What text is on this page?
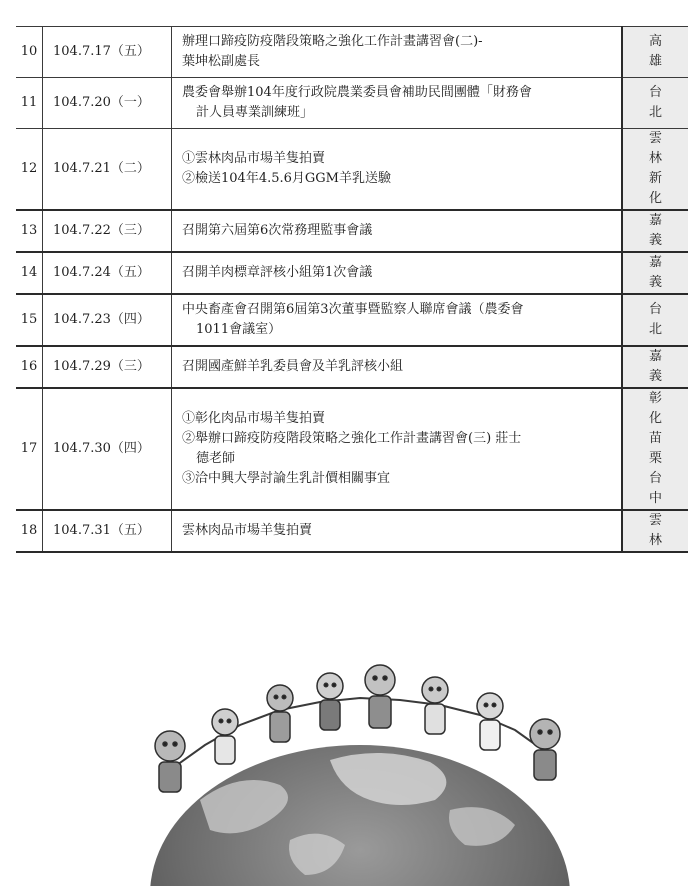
10	104.7.17（五）	辦理口蹄疫防疫階段策略之強化工作計畫講習會(二)-
葉坤松副處長	高 雄

11	104.7.20（一）	農委會舉辦104年度行政院農業委員會補助民間團體「財務會
計人員專業訓練班」	台 北

12	104.7.21（二）	①雲林肉品市場羊隻拍賣
②檢送104年4.5.6月GGM羊乳送驗	雲 林
新 化

13	104.7.22（三）	召開第六屆第6次常務理監事會議	嘉 義

14	104.7.24（五）	召開羊肉標章評核小組第1次會議	嘉 義

15	104.7.23（四）	中央畜產會召開第6屆第3次董事暨監察人聯席會議（農委會
1011會議室）	台 北

16	104.7.29（三）	召開國產鮮羊乳委員會及羊乳評核小組	嘉 義

17	104.7.30（四）	①彰化肉品市場羊隻拍賣
②舉辦口蹄疫防疫階段策略之強化工作計畫講習會(三) 莊士
德老師
③洽中興大學討論生乳計價相關事宜	彰 化
苗 栗
台 中

18	104.7.31（五）	雲林肉品市場羊隻拍賣	雲 林
